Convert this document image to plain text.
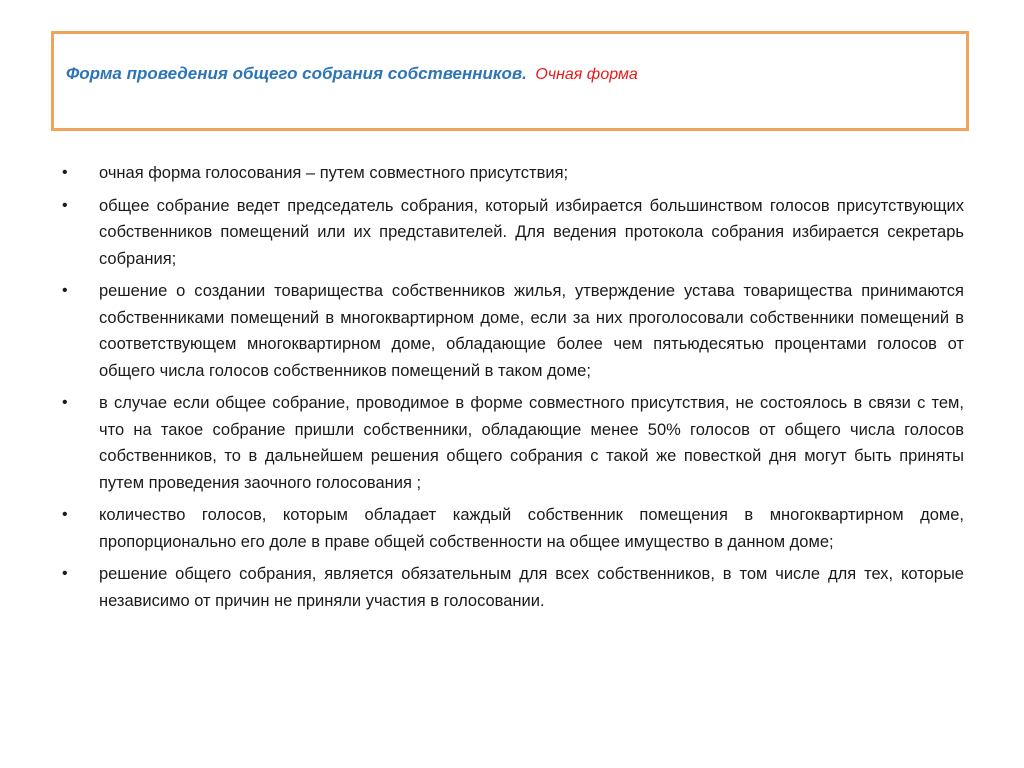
Форма проведения общего собрания собственников. Очная форма
• очная форма голосования – путем совместного присутствия;
• общее собрание ведет председатель собрания, который избирается большинством голосов присутствующих собственников помещений или их представителей. Для ведения протокола собрания избирается секретарь собрания;
• решение о создании товарищества собственников жилья, утверждение устава товарищества принимаются собственниками помещений в многоквартирном доме, если за них проголосовали собственники помещений в соответствующем многоквартирном доме, обладающие более чем пятьюдесятью процентами голосов от общего числа голосов собственников помещений в таком доме;
• в случае если общее собрание, проводимое в форме совместного присутствия, не состоялось в связи с тем, что на такое собрание пришли собственники, обладающие менее 50% голосов от общего числа голосов собственников, то в дальнейшем решения общего собрания с такой же повесткой дня могут быть приняты путем проведения заочного голосования ;
• количество голосов, которым обладает каждый собственник помещения в многоквартирном доме, пропорционально его доле в праве общей собственности на общее имущество в данном доме;
• решение общего собрания, является обязательным для всех собственников, в том числе для тех, которые независимо от причин не приняли участия в голосовании.
